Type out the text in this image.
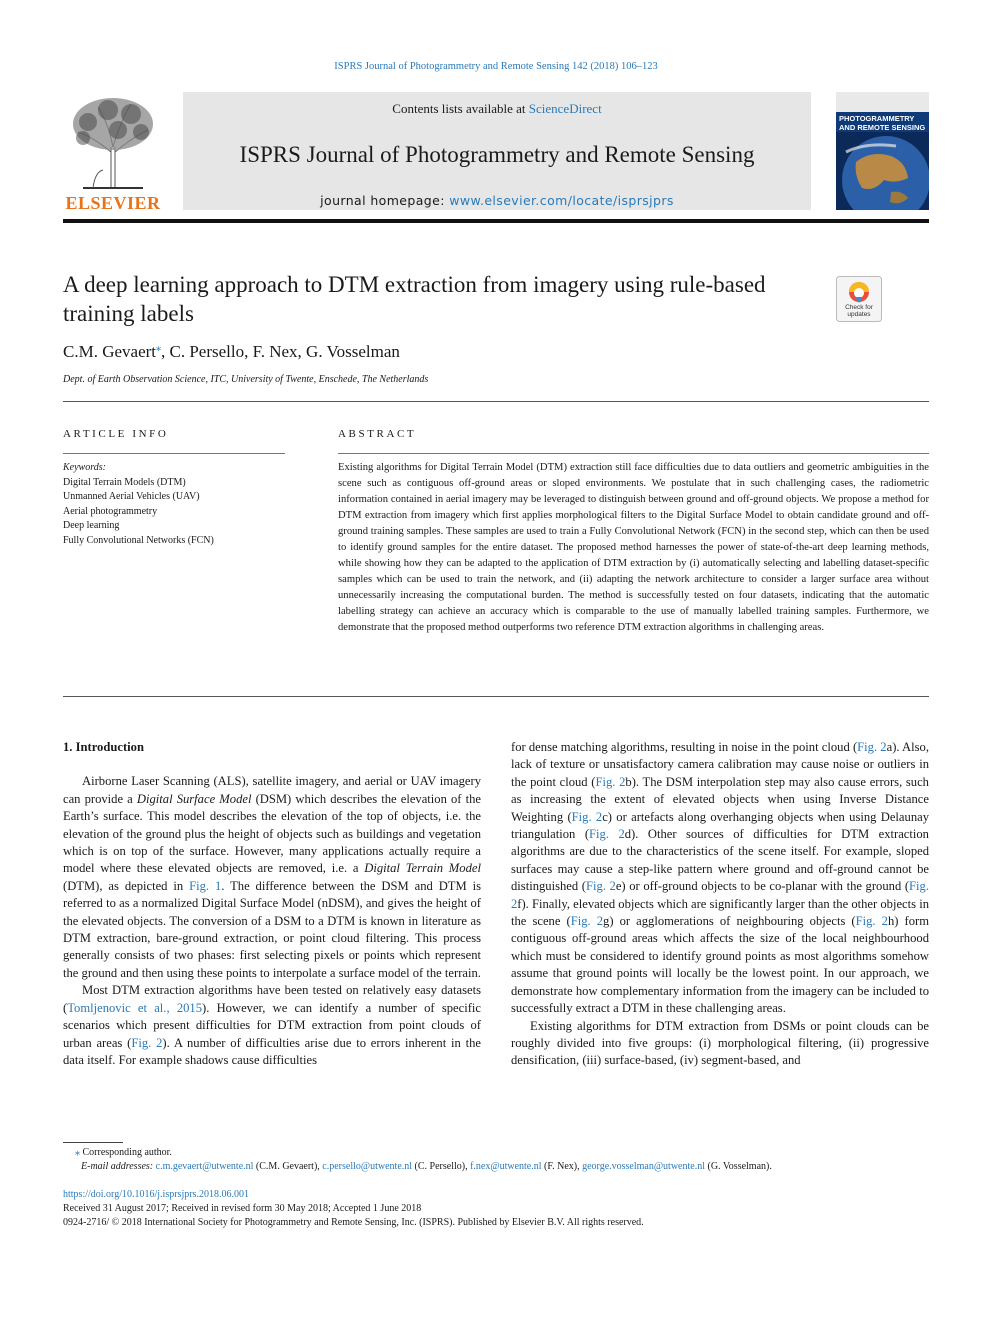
ISPRS Journal of Photogrammetry and Remote Sensing 142 (2018) 106–123
ELSEVIER
Contents lists available at ScienceDirect
ISPRS Journal of Photogrammetry and Remote Sensing
journal homepage: www.elsevier.com/locate/isprsjprs
PHOTOGRAMMETRY AND REMOTE SENSING
A deep learning approach to DTM extraction from imagery using rule-based training labels	Check for updates
C.M. Gevaert⁎, C. Persello, F. Nex, G. Vosselman
Dept. of Earth Observation Science, ITC, University of Twente, Enschede, The Netherlands
ARTICLE INFO
Keywords:
Digital Terrain Models (DTM)
Unmanned Aerial Vehicles (UAV)
Aerial photogrammetry
Deep learning
Fully Convolutional Networks (FCN)
ABSTRACT
Existing algorithms for Digital Terrain Model (DTM) extraction still face difficulties due to data outliers and geometric ambiguities in the scene such as contiguous off-ground areas or sloped environments. We postulate that in such challenging cases, the radiometric information contained in aerial imagery may be leveraged to distinguish between ground and off-ground objects. We propose a method for DTM extraction from imagery which first applies morphological filters to the Digital Surface Model to obtain candidate ground and off-ground training samples. These samples are used to train a Fully Convolutional Network (FCN) in the second step, which can then be used to identify ground samples for the entire dataset. The proposed method harnesses the power of state-of-the-art deep learning methods, while showing how they can be adapted to the application of DTM extraction by (i) automatically selecting and labelling dataset-specific samples which can be used to train the network, and (ii) adapting the network architecture to consider a larger surface area without unnecessarily increasing the computational burden. The method is successfully tested on four datasets, indicating that the automatic labelling strategy can achieve an accuracy which is comparable to the use of manually labelled training samples. Furthermore, we demonstrate that the proposed method outperforms two reference DTM extraction algorithms in challenging areas.
1. Introduction

Airborne Laser Scanning (ALS), satellite imagery, and aerial or UAV imagery can provide a Digital Surface Model (DSM) which describes the elevation of the Earth’s surface. This model describes the elevation of the top of objects, i.e. the elevation of the ground plus the height of objects such as buildings and vegetation which is on top of the surface. However, many applications actually require a model where these elevated objects are removed, i.e. a Digital Terrain Model (DTM), as depicted in Fig. 1. The difference between the DSM and DTM is referred to as a normalized Digital Surface Model (nDSM), and gives the height of the elevated objects. The conversion of a DSM to a DTM is known in literature as DTM extraction, bare-ground extraction, or point cloud filtering. This process generally consists of two phases: first selecting pixels or points which represent the ground and then using these points to interpolate a surface model of the terrain.

Most DTM extraction algorithms have been tested on relatively easy datasets (Tomljenovic et al., 2015). However, we can identify a number of specific scenarios which present difficulties for DTM extraction from point clouds of urban areas (Fig. 2). A number of difficulties arise due to errors inherent in the data itself. For example shadows cause difficulties

for dense matching algorithms, resulting in noise in the point cloud (Fig. 2a). Also, lack of texture or unsatisfactory camera calibration may cause noise or outliers in the point cloud (Fig. 2b). The DSM interpolation step may also cause errors, such as increasing the extent of elevated objects when using Inverse Distance Weighting (Fig. 2c) or artefacts along overhanging objects when using Delaunay triangulation (Fig. 2d). Other sources of difficulties for DTM extraction algorithms are due to the characteristics of the scene itself. For example, sloped surfaces may cause a step-like pattern where ground and off-ground cannot be distinguished (Fig. 2e) or off-ground objects to be co-planar with the ground (Fig. 2f). Finally, elevated objects which are significantly larger than the other objects in the scene (Fig. 2g) or agglomerations of neighbouring objects (Fig. 2h) form contiguous off-ground areas which affects the size of the local neighbourhood which must be considered to identify ground points as most algorithms somehow assume that ground points will locally be the lowest point. In our approach, we demonstrate how complementary information from the imagery can be included to successfully extract a DTM in these challenging areas.

Existing algorithms for DTM extraction from DSMs or point clouds can be roughly divided into five groups: (i) morphological filtering, (ii) progressive densification, (iii) surface-based, (iv) segment-based, and

⁎ Corresponding author.
E-mail addresses: c.m.gevaert@utwente.nl (C.M. Gevaert), c.persello@utwente.nl (C. Persello), f.nex@utwente.nl (F. Nex), george.vosselman@utwente.nl (G. Vosselman).
https://doi.org/10.1016/j.isprsjprs.2018.06.001
Received 31 August 2017; Received in revised form 30 May 2018; Accepted 1 June 2018
0924-2716/ © 2018 International Society for Photogrammetry and Remote Sensing, Inc. (ISPRS). Published by Elsevier B.V. All rights reserved.
